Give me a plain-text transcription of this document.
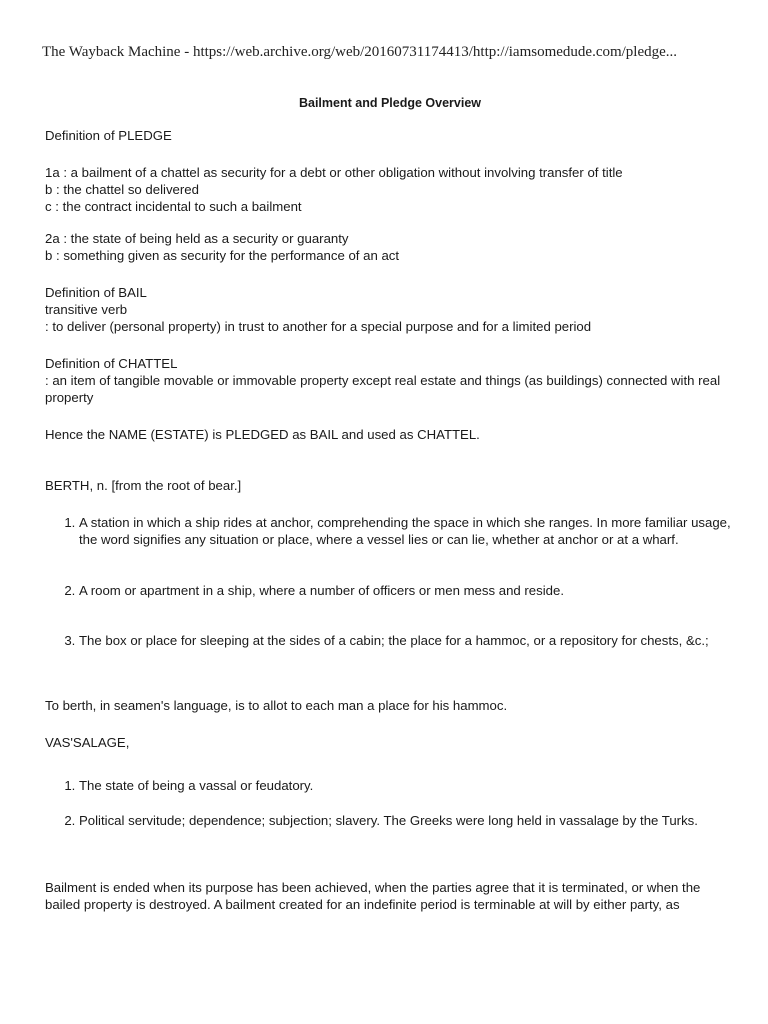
The Wayback Machine - https://web.archive.org/web/20160731174413/http://iamsomedude.com/pledge...
Bailment and Pledge Overview

Definition of PLEDGE

1a : a bailment of a chattel as security for a debt or other obligation without involving transfer of title
b : the chattel so delivered
c : the contract incidental to such a bailment
2a : the state of being held as a security or guaranty
b : something given as security for the performance of an act
Definition of BAIL
transitive verb
: to deliver (personal property) in trust to another for a special purpose and for a limited period
Definition of CHATTEL
: an item of tangible movable or immovable property except real estate and things (as buildings) connected with real property

Hence the NAME (ESTATE) is PLEDGED as BAIL and used as CHATTEL.

BERTH, n. [from the root of bear.]

1. A station in which a ship rides at anchor, comprehending the space in which she ranges. In more familiar usage, the word signifies any situation or place, where a vessel lies or can lie, whether at anchor or at a wharf.
2. A room or apartment in a ship, where a number of officers or men mess and reside.
3. The box or place for sleeping at the sides of a cabin; the place for a hammoc, or a repository for chests, &c.;

To berth, in seamen's language, is to allot to each man a place for his hammoc.

VAS'SALAGE,

1. The state of being a vassal or feudatory.
2. Political servitude; dependence; subjection; slavery. The Greeks were long held in vassalage by the Turks.

Bailment is ended when its purpose has been achieved, when the parties agree that it is terminated, or when the bailed property is destroyed. A bailment created for an indefinite period is terminable at will by either party, as
